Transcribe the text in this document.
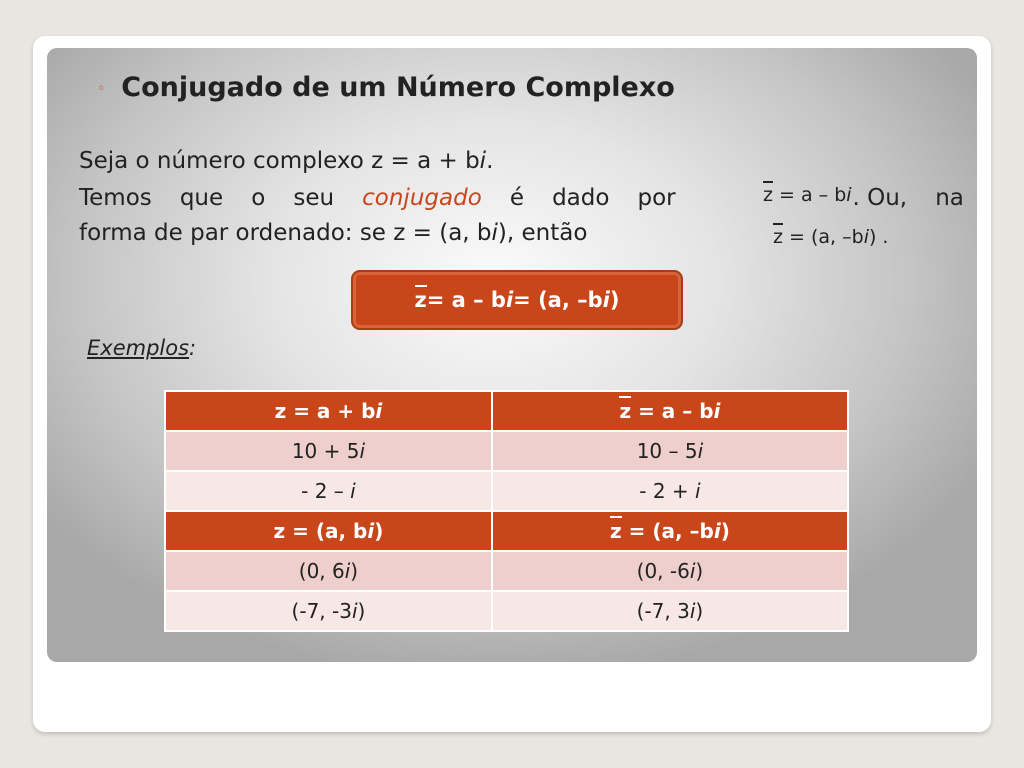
◦ Conjugado de um Número Complexo
Seja o número complexo z = a + bi.
Temos que o seu conjugado é dado por	. Ou, na
forma de par ordenado: se z = (a, bi), então
z = a – bi
z = (a, –bi) .
z = a – b i = (a, –b i )
Exemplos:
z = a + bi	z = a – bi
10 + 5i	10 – 5i
- 2 – i	- 2 + i
z = (a, bi)	z = (a, –bi)
(0, 6i)	(0, -6i)
(-7, -3i)	(-7, 3i)
